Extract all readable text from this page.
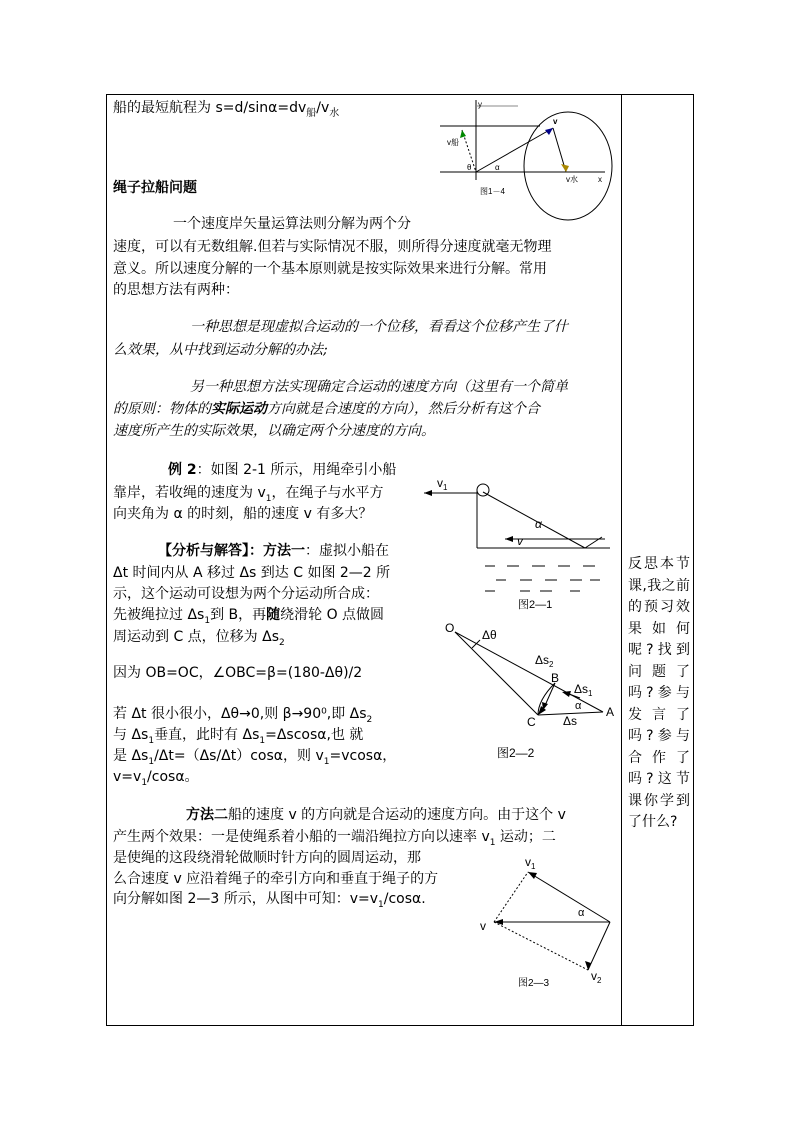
船的最短航程为 $s=d/\sin\alpha=dv_船/v_水$
y
v船
v
θ	α
v水	x
图1－4
绳子拉船问题
一个速度岸矢量运算法则分解为两个分
速度，可以有无数组解.但若与实际情况不服，则所得分速度就毫无物理
意义。所以速度分解的一个基本原则就是按实际效果来进行分解。常用
的思想方法有两种：
一种思想是现虚拟合运动的一个位移，看看这个位移产生了什
么效果，从中找到运动分解的办法;
另一种思想方法实现确定合运动的速度方向（这里有一个简单
的原则：物体的实际运动方向就是合速度的方向），然后分析有这个合
速度所产生的实际效果，以确定两个分速度的方向。
例 2：如图 2-1 所示，用绳牵引小船
靠岸，若收绳的速度为 $v_1$，在绳子与水平方
向夹角为 α 的时刻，船的速度 v 有多大？
$v_1$
α
v
图2—1
【分析与解答】：方法一：虚拟小船在
Δt 时间内从 A 移过 Δs 到达 C 如图 2—2 所
示，这个运动可设想为两个分运动所合成：
先被绳拉过 $\Delta s_1$到 B，再随绕滑轮 O 点做圆
周运动到 C 点，位移为 $\Delta s_2$
O Δθ
$\Delta s_2$
B
$\Delta s_1$
α
Δs
C
A
图2—2
因为 OB=OC，∠OBC=β=(180-Δθ)/2
若 Δt 很小很小，Δθ→0,则 β→90⁰,即 $\Delta s_2$
与 $\Delta s_1$垂直，此时有 $\Delta s_1=\Delta scos\alpha$,也 就
是 $\Delta s_1/\Delta t=(\Delta s/\Delta t)\cos\alpha$，则 $v_1=vcos\alpha$，
$v=v_1$/cosα。
方法二船的速度 v 的方向就是合运动的速度方向。由于这个 v
产生两个效果：一是使绳系着小船的一端沿绳拉方向以速率 $v_1$ 运动；二
是使绳的这段绕滑轮做顺时针方向的圆周运动，那
么合速度 v 应沿着绳子的牵引方向和垂直于绳子的方
向分解如图 2—3 所示，从图中可知：$v=v_1$/cosα.
$v_1$
α
v
$v_2$
图2—3
反思本节课,我之前的预习效果如何呢?找到问题了吗?参与发言了吗?参与合作了吗?这节课你学到了什么?
